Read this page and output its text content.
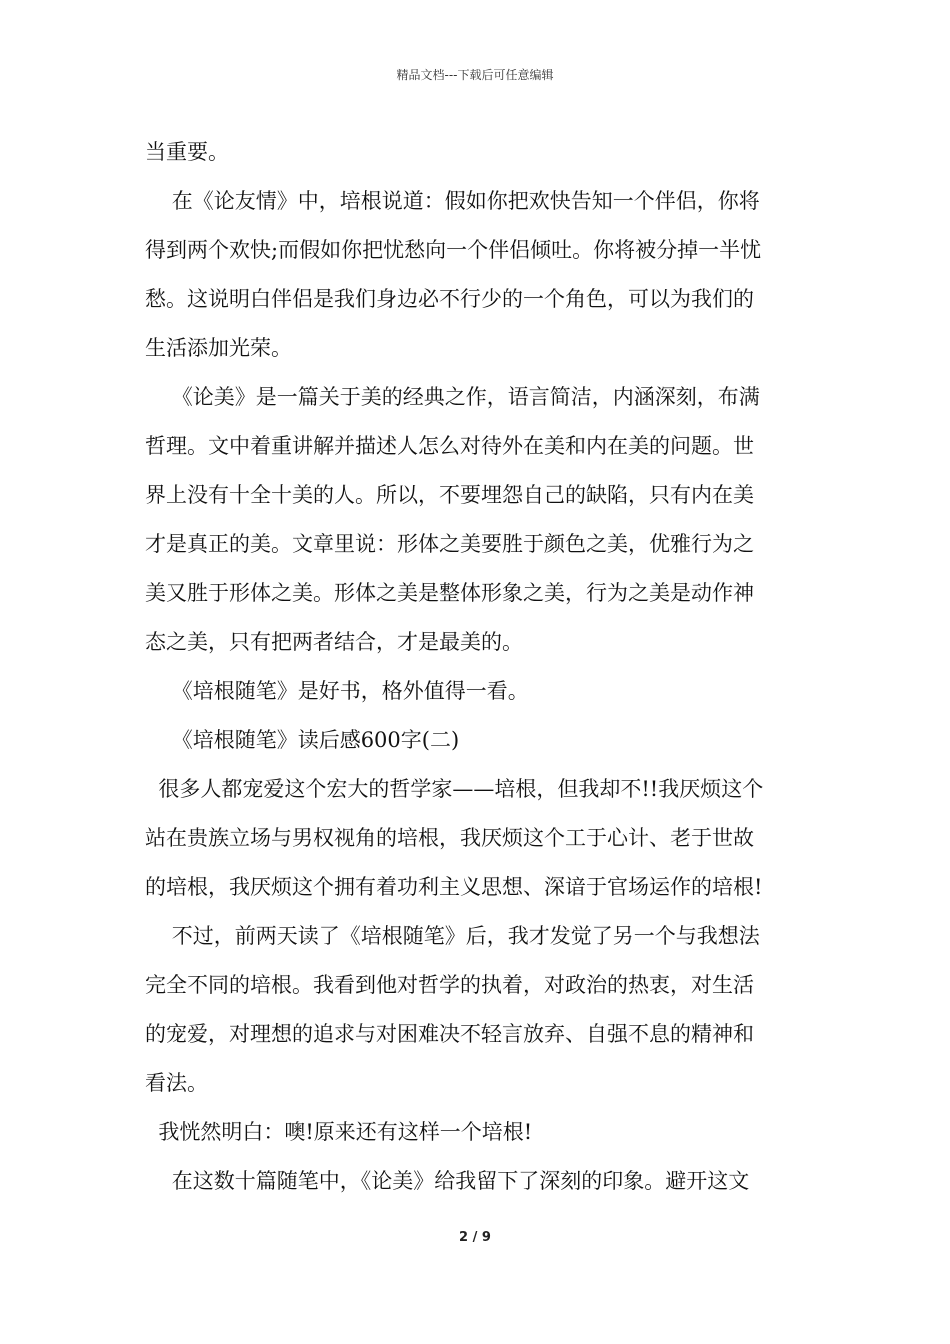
精品文档---下载后可任意编辑
当重要。
在《论友情》中，培根说道：假如你把欢快告知一个伴侣，你将
得到两个欢快;而假如你把忧愁向一个伴侣倾吐。你将被分掉一半忧
愁。这说明白伴侣是我们身边必不行少的一个角色，可以为我们的
生活添加光荣。
《论美》是一篇关于美的经典之作，语言简洁，内涵深刻，布满
哲理。文中着重讲解并描述人怎么对待外在美和内在美的问题。世
界上没有十全十美的人。所以，不要埋怨自己的缺陷，只有内在美
才是真正的美。文章里说：形体之美要胜于颜色之美，优雅行为之
美又胜于形体之美。形体之美是整体形象之美，行为之美是动作神
态之美，只有把两者结合，才是最美的。
《培根随笔》是好书，格外值得一看。
《培根随笔》读后感600字(二)
很多人都宠爱这个宏大的哲学家——培根，但我却不!!我厌烦这个
站在贵族立场与男权视角的培根，我厌烦这个工于心计、老于世故
的培根，我厌烦这个拥有着功利主义思想、深谙于官场运作的培根!
不过，前两天读了《培根随笔》后，我才发觉了另一个与我想法
完全不同的培根。我看到他对哲学的执着，对政治的热衷，对生活
的宠爱，对理想的追求与对困难决不轻言放弃、自强不息的精神和
看法。
我恍然明白：噢!原来还有这样一个培根!
在这数十篇随笔中，《论美》给我留下了深刻的印象。避开这文
2 / 9
